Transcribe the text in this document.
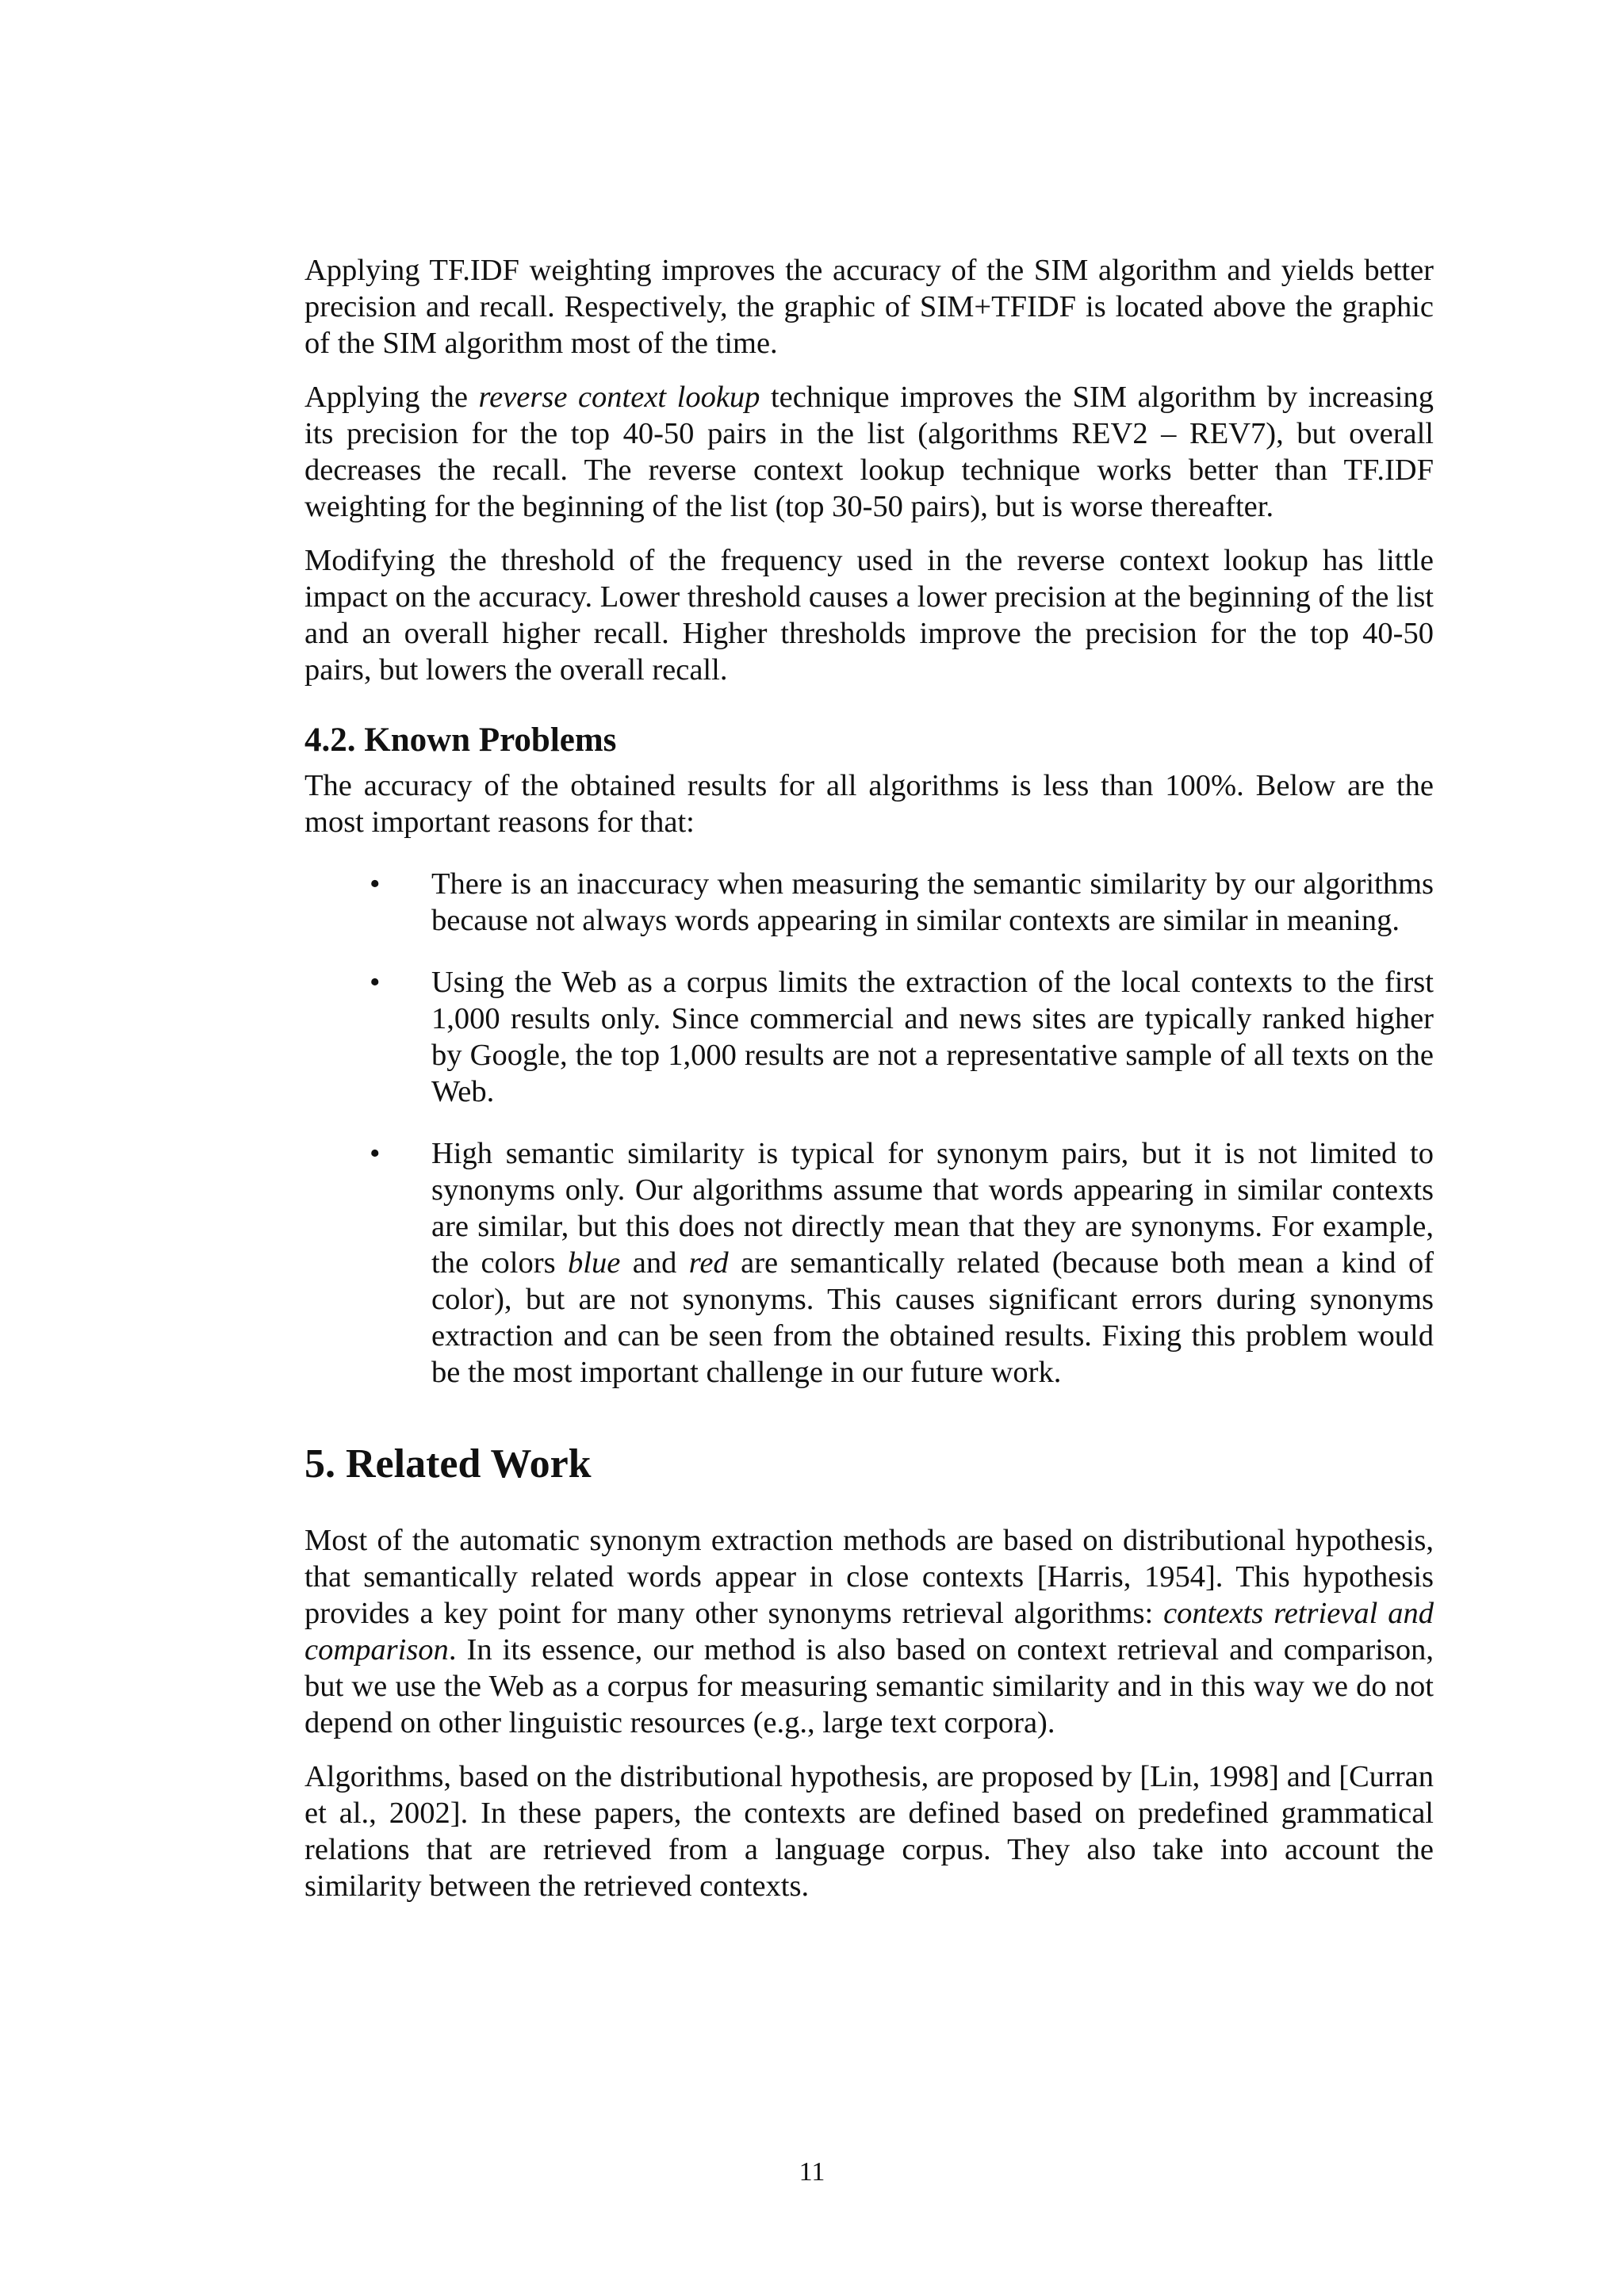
Applying TF.IDF weighting improves the accuracy of the SIM algorithm and yields better precision and recall. Respectively, the graphic of SIM+TFIDF is located above the graphic of the SIM algorithm most of the time.

Applying the reverse context lookup technique improves the SIM algorithm by increasing its precision for the top 40-50 pairs in the list (algorithms REV2 – REV7), but overall decreases the recall. The reverse context lookup technique works better than TF.IDF weighting for the beginning of the list (top 30-50 pairs), but is worse thereafter.

Modifying the threshold of the frequency used in the reverse context lookup has little impact on the accuracy. Lower threshold causes a lower precision at the beginning of the list and an overall higher recall. Higher thresholds improve the precision for the top 40-50 pairs, but lowers the overall recall.

4.2. Known Problems

The accuracy of the obtained results for all algorithms is less than 100%. Below are the most important reasons for that:

• There is an inaccuracy when measuring the semantic similarity by our algorithms because not always words appearing in similar contexts are similar in meaning.

• Using the Web as a corpus limits the extraction of the local contexts to the first 1,000 results only. Since commercial and news sites are typically ranked higher by Google, the top 1,000 results are not a representative sample of all texts on the Web.

• High semantic similarity is typical for synonym pairs, but it is not limited to synonyms only. Our algorithms assume that words appearing in similar contexts are similar, but this does not directly mean that they are synonyms. For example, the colors blue and red are semantically related (because both mean a kind of color), but are not synonyms. This causes significant errors during synonyms extraction and can be seen from the obtained results. Fixing this problem would be the most important challenge in our future work.

5. Related Work

Most of the automatic synonym extraction methods are based on distributional hypothesis, that semantically related words appear in close contexts [Harris, 1954]. This hypothesis provides a key point for many other synonyms retrieval algorithms: contexts retrieval and comparison. In its essence, our method is also based on context retrieval and comparison, but we use the Web as a corpus for measuring semantic similarity and in this way we do not depend on other linguistic resources (e.g., large text corpora).

Algorithms, based on the distributional hypothesis, are proposed by [Lin, 1998] and [Curran et al., 2002]. In these papers, the contexts are defined based on predefined grammatical relations that are retrieved from a language corpus. They also take into account the similarity between the retrieved contexts.

11
